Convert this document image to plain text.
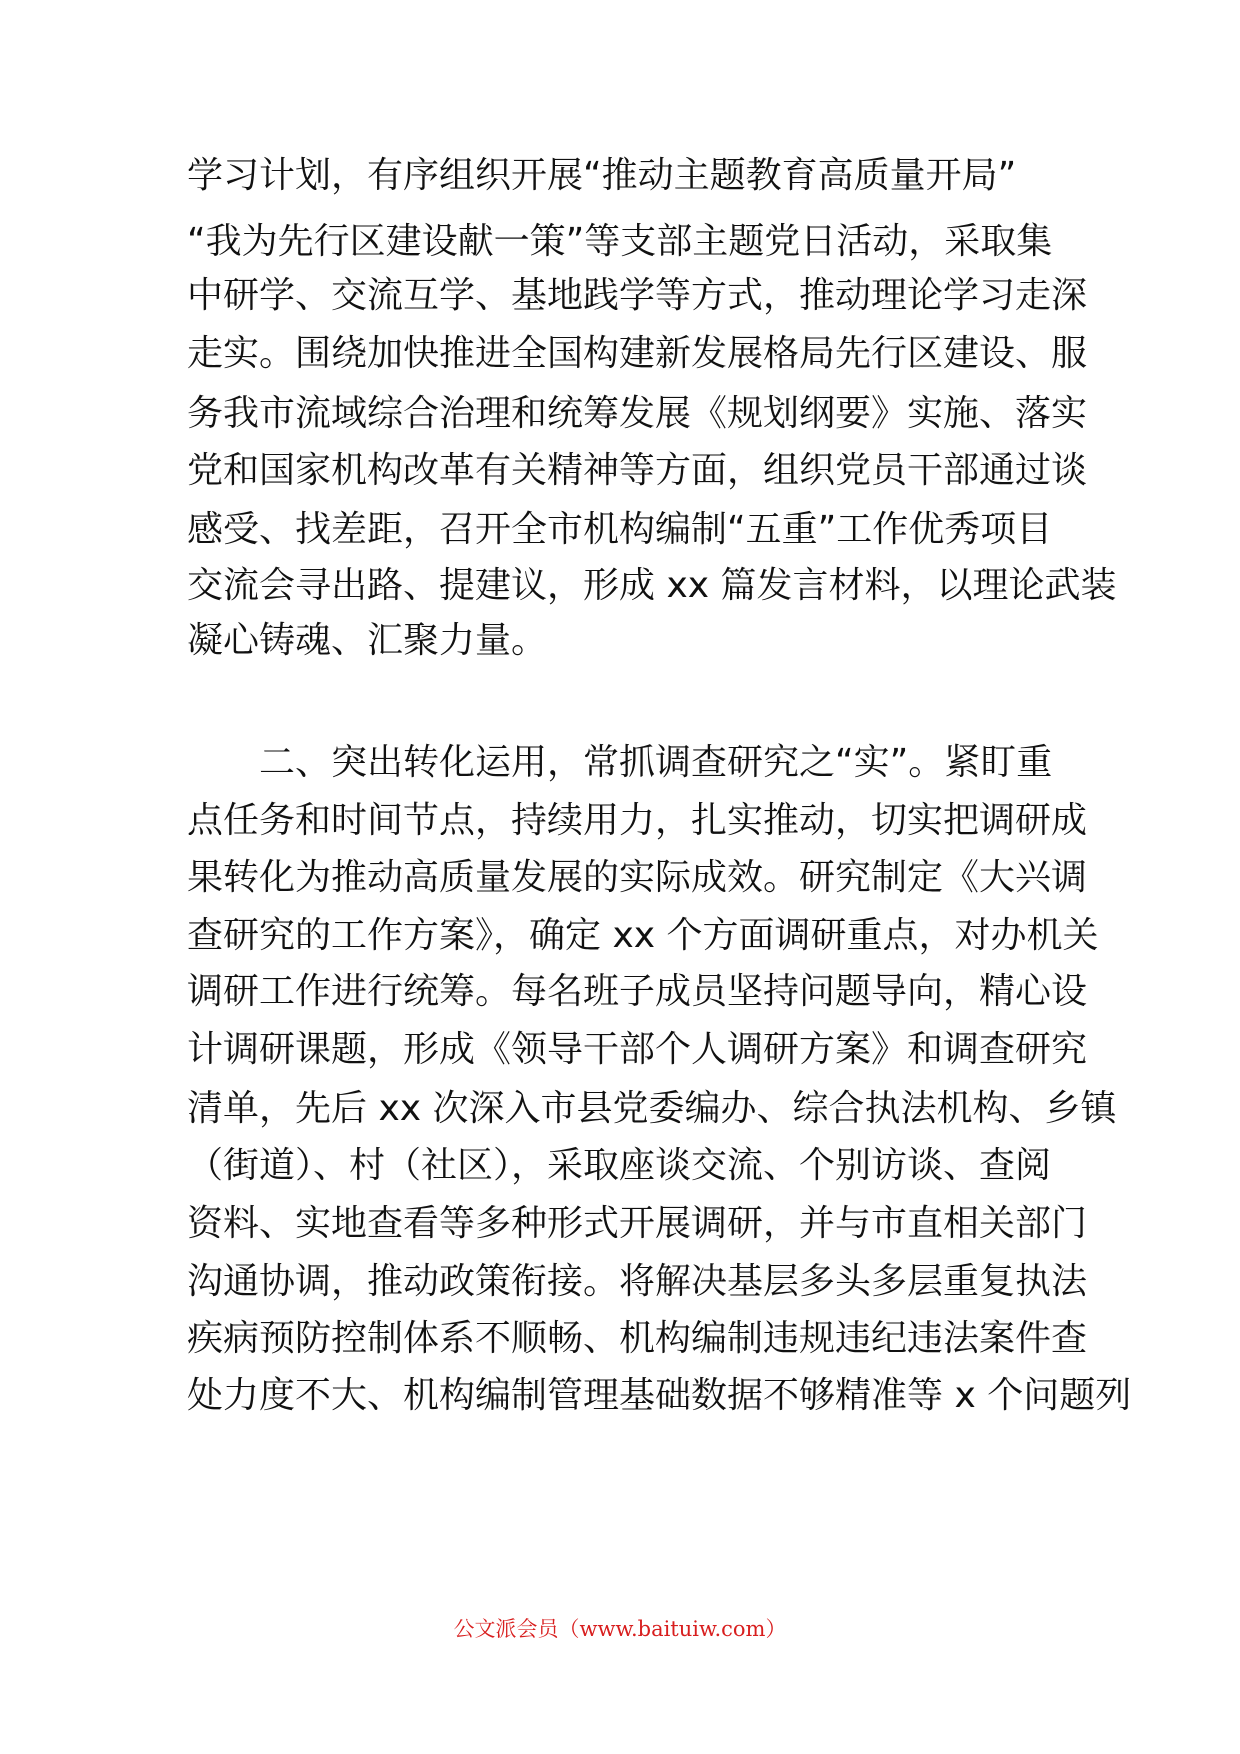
学习计划，有序组织开展“推动主题教育高质量开局”
“我为先行区建设献一策”等支部主题党日活动，采取集
中研学、交流互学、基地践学等方式，推动理论学习走深
走实。围绕加快推进全国构建新发展格局先行区建设、服
务我市流域综合治理和统筹发展《规划纲要》实施、落实
党和国家机构改革有关精神等方面，组织党员干部通过谈
感受、找差距，召开全市机构编制“五重”工作优秀项目
交流会寻出路、提建议，形成 xx 篇发言材料，以理论武装
凝心铸魂、汇聚力量。
　　二、突出转化运用，常抓调查研究之“实”。紧盯重
点任务和时间节点，持续用力，扎实推动，切实把调研成
果转化为推动高质量发展的实际成效。研究制定《大兴调
查研究的工作方案》，确定 xx 个方面调研重点，对办机关
调研工作进行统筹。每名班子成员坚持问题导向，精心设
计调研课题，形成《领导干部个人调研方案》和调查研究
清单，先后 xx 次深入市县党委编办、综合执法机构、乡镇
（街道）、村（社区），采取座谈交流、个别访谈、查阅
资料、实地查看等多种形式开展调研，并与市直相关部门
沟通协调，推动政策衔接。将解决基层多头多层重复执法
疾病预防控制体系不顺畅、机构编制违规违纪违法案件查
处力度不大、机构编制管理基础数据不够精准等 x 个问题列
公文派会员（www.baituiw.com）
